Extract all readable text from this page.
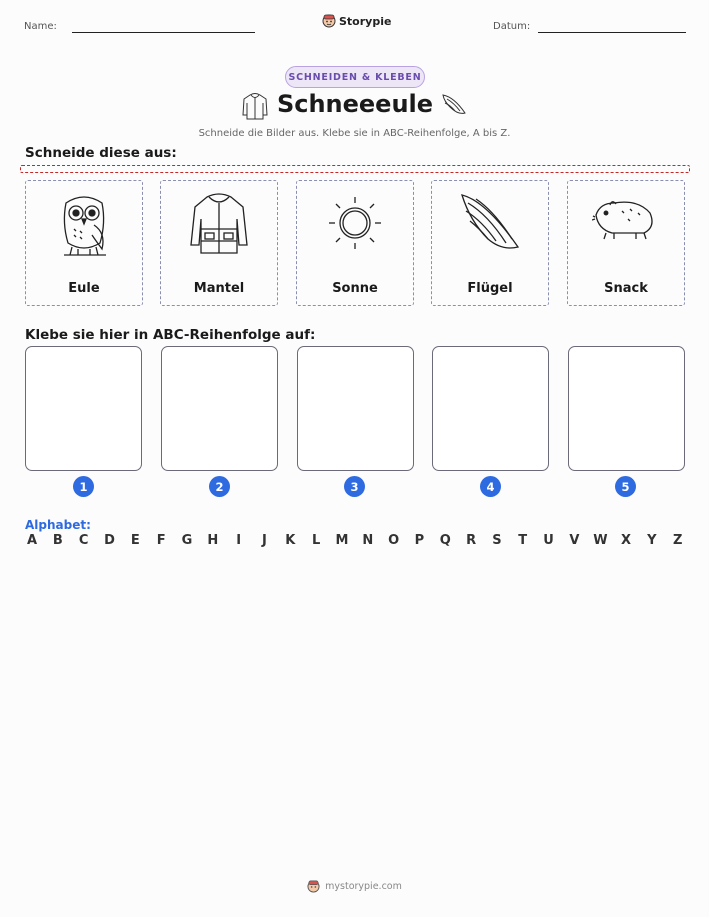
Name:	Storypie	Datum:
SCHNEIDEN & KLEBEN
Schneeeule
Schneide die Bilder aus. Klebe sie in ABC-Reihenfolge, A bis Z.
Schneide diese aus:
Eule	Mantel	Sonne	Flügel	Snack
Klebe sie hier in ABC-Reihenfolge auf:
1	2	3	4	5
Alphabet:
A B C D E F G H	I	J	K L M N O P Q R S T U V W X Y Z
mystorypie.com
